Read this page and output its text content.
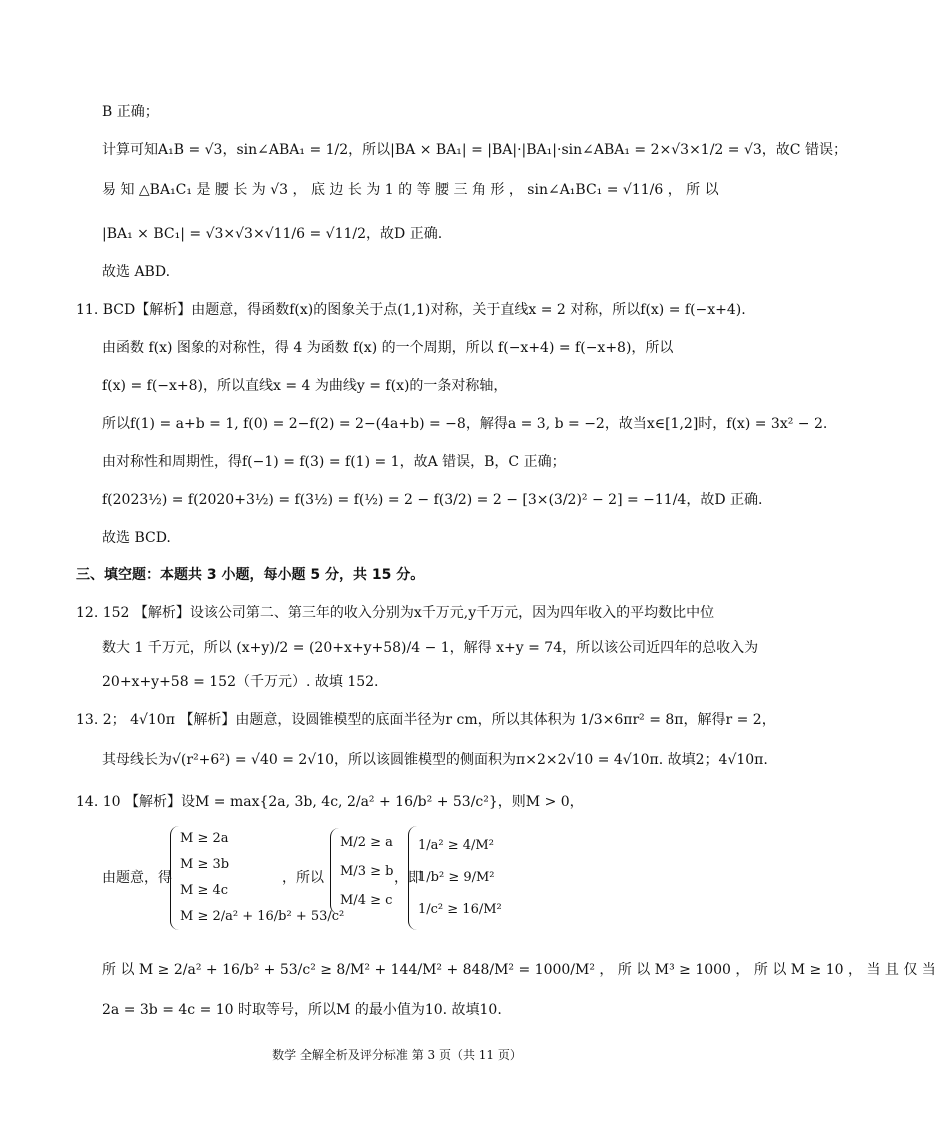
B 正确；
计算可知A₁B = √3，sin∠ABA₁ = 1/2，所以|BA × BA₁| = |BA|·|BA₁|·sin∠ABA₁ = 2×√3×1/2 = √3，故C 错误；
易 知 △BA₁C₁ 是 腰 长 为 √3 ， 底 边 长 为 1 的 等 腰 三 角 形 ， sin∠A₁BC₁ = √11/6 ， 所 以
|BA₁ × BC₁| = √3×√3×√11/6 = √11/2，故D 正确.
故选 ABD.
11. BCD【解析】由题意，得函数f(x)的图象关于点(1,1)对称，关于直线x = 2 对称，所以f(x) = f(−x+4).
由函数 f(x) 图象的对称性，得 4 为函数 f(x) 的一个周期，所以 f(−x+4) = f(−x+8)，所以
f(x) = f(−x+8)，所以直线x = 4 为曲线y = f(x)的一条对称轴，
所以f(1) = a+b = 1, f(0) = 2−f(2) = 2−(4a+b) = −8，解得a = 3, b = −2，故当x∈[1,2]时，f(x) = 3x² − 2.
由对称性和周期性，得f(−1) = f(3) = f(1) = 1，故A 错误，B，C 正确；
f(2023½) = f(2020+3½) = f(3½) = f(½) = 2 − f(3/2) = 2 − [3×(3/2)² − 2] = −11/4，故D 正确.
故选 BCD.
三、填空题：本题共 3 小题，每小题 5 分，共 15 分。
12. 152 【解析】设该公司第二、第三年的收入分别为x千万元,y千万元，因为四年收入的平均数比中位
数大 1 千万元，所以 (x+y)/2 = (20+x+y+58)/4 − 1，解得 x+y = 74，所以该公司近四年的总收入为
20+x+y+58 = 152（千万元）. 故填 152.
13. 2； 4√10π 【解析】由题意，设圆锥模型的底面半径为r cm，所以其体积为 1/3×6πr² = 8π，解得r = 2，
其母线长为√(r²+6²) = √40 = 2√10，所以该圆锥模型的侧面积为π×2×2√10 = 4√10π. 故填2；4√10π.
14. 10 【解析】设M = max{2a, 3b, 4c, 2/a² + 16/b² + 53/c²}，则M > 0，
由题意，得
M ≥ 2a
M ≥ 3b
M ≥ 4c
M ≥ 2/a² + 16/b² + 53/c²
，所以
M/2 ≥ a
M/3 ≥ b
M/4 ≥ c
，即
1/a² ≥ 4/M²
1/b² ≥ 9/M²
1/c² ≥ 16/M²
所 以 M ≥ 2/a² + 16/b² + 53/c² ≥ 8/M² + 144/M² + 848/M² = 1000/M² ， 所 以 M³ ≥ 1000 ， 所 以 M ≥ 10 ， 当 且 仅 当
2a = 3b = 4c = 10 时取等号，所以M 的最小值为10. 故填10.
数学 全解全析及评分标准 第 3 页（共 11 页）
